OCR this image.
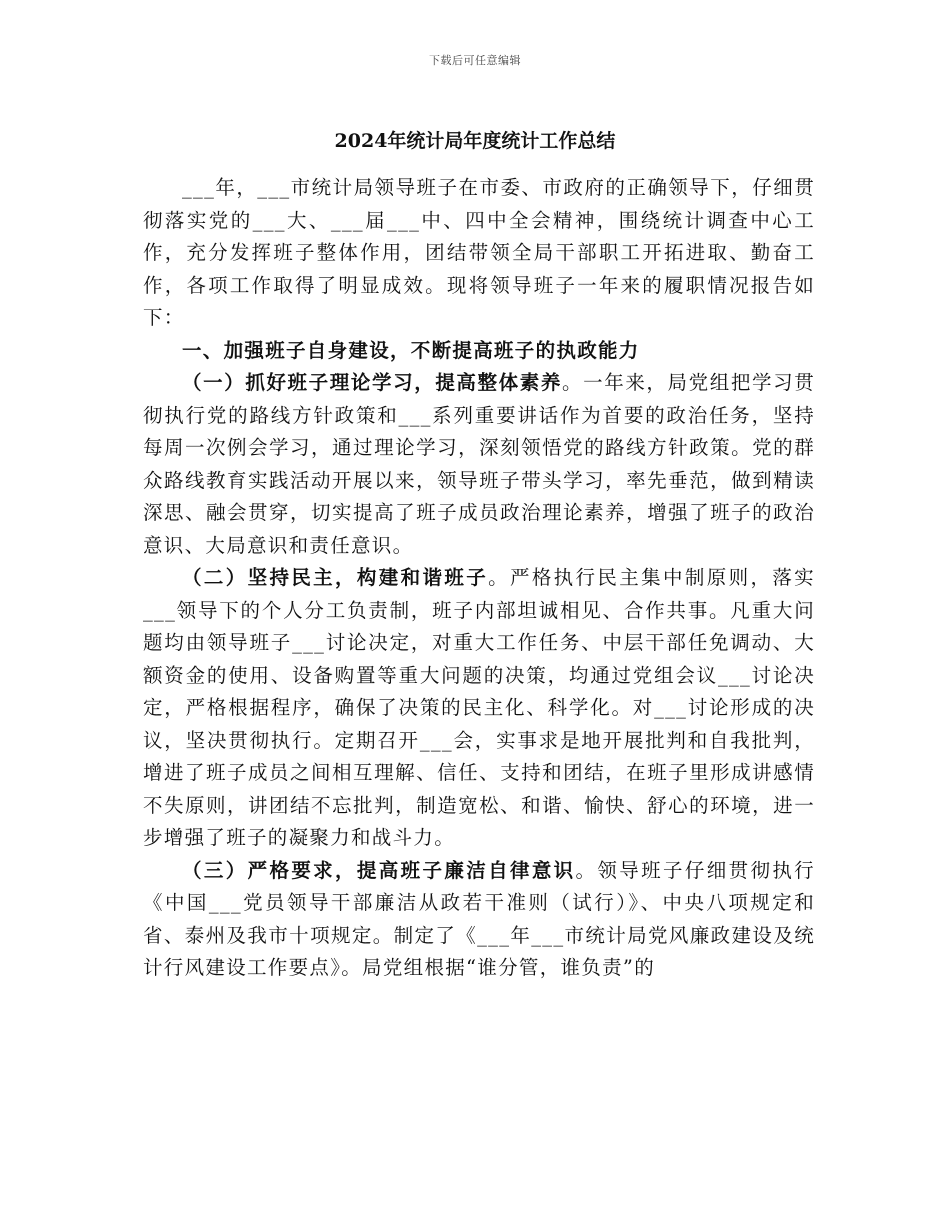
下载后可任意编辑
2024年统计局年度统计工作总结

___年，___市统计局领导班子在市委、市政府的正确领导下，仔细贯彻落实党的___大、___届___中、四中全会精神，围绕统计调查中心工作，充分发挥班子整体作用，团结带领全局干部职工开拓进取、勤奋工作，各项工作取得了明显成效。现将领导班子一年来的履职情况报告如下：

一、加强班子自身建设，不断提高班子的执政能力

（一）抓好班子理论学习，提高整体素养。一年来，局党组把学习贯彻执行党的路线方针政策和___系列重要讲话作为首要的政治任务，坚持每周一次例会学习，通过理论学习，深刻领悟党的路线方针政策。党的群众路线教育实践活动开展以来，领导班子带头学习，率先垂范，做到精读深思、融会贯穿，切实提高了班子成员政治理论素养，增强了班子的政治意识、大局意识和责任意识。

（二）坚持民主，构建和谐班子。严格执行民主集中制原则，落实___领导下的个人分工负责制，班子内部坦诚相见、合作共事。凡重大问题均由领导班子___讨论决定，对重大工作任务、中层干部任免调动、大额资金的使用、设备购置等重大问题的决策，均通过党组会议___讨论决定，严格根据程序，确保了决策的民主化、科学化。对___讨论形成的决议，坚决贯彻执行。定期召开___会，实事求是地开展批判和自我批判，增进了班子成员之间相互理解、信任、支持和团结，在班子里形成讲感情不失原则，讲团结不忘批判，制造宽松、和谐、愉快、舒心的环境，进一步增强了班子的凝聚力和战斗力。

（三）严格要求，提高班子廉洁自律意识。领导班子仔细贯彻执行《中国___党员领导干部廉洁从政若干准则（试行）》、中央八项规定和省、泰州及我市十项规定。制定了《___年___市统计局党风廉政建设及统计行风建设工作要点》。局党组根据“谁分管，谁负责”的
